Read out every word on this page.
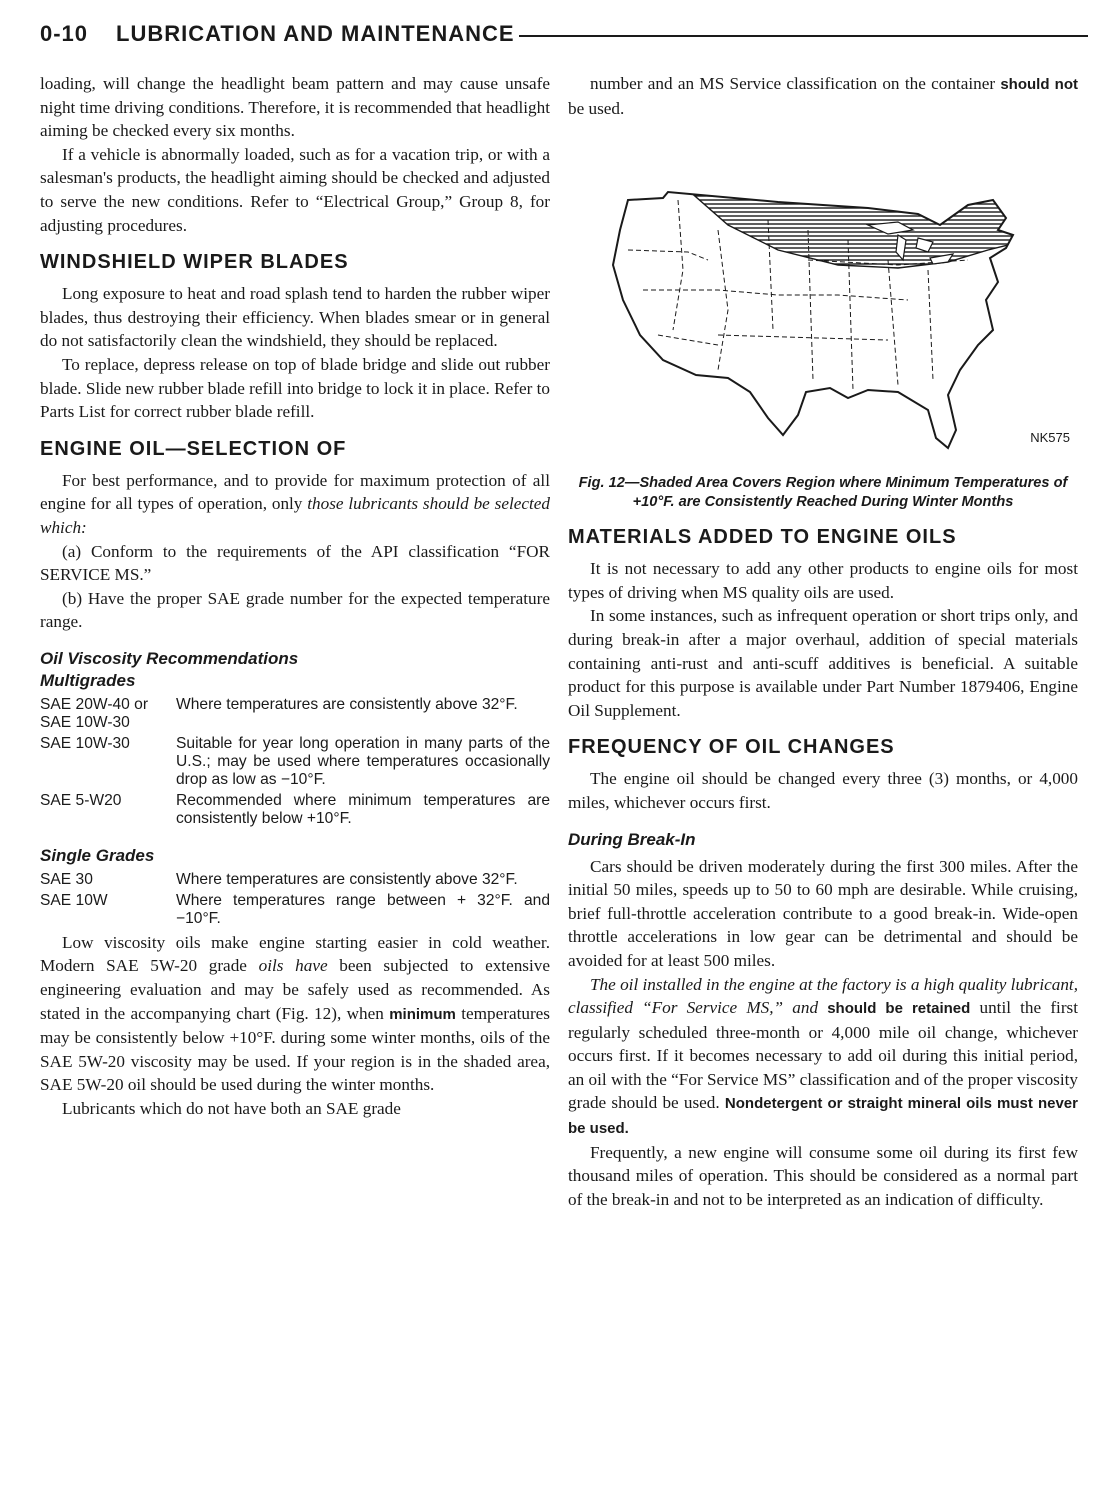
0-10 LUBRICATION AND MAINTENANCE

loading, will change the headlight beam pattern and may cause unsafe night time driving conditions. Therefore, it is recommended that headlight aiming be checked every six months.

If a vehicle is abnormally loaded, such as for a vacation trip, or with a salesman's products, the headlight aiming should be checked and adjusted to serve the new conditions. Refer to “Electrical Group,” Group 8, for adjusting procedures.

WINDSHIELD WIPER BLADES

Long exposure to heat and road splash tend to harden the rubber wiper blades, thus destroying their efficiency. When blades smear or in general do not satisfactorily clean the windshield, they should be replaced.

To replace, depress release on top of blade bridge and slide out rubber blade. Slide new rubber blade refill into bridge to lock it in place. Refer to Parts List for correct rubber blade refill.

ENGINE OIL—SELECTION OF

For best performance, and to provide for maximum protection of all engine for all types of operation, only those lubricants should be selected which:

(a) Conform to the requirements of the API classification “FOR SERVICE MS.”

(b) Have the proper SAE grade number for the expected temperature range.

Oil Viscosity Recommendations
Multigrades
SAE 20W-40 or SAE 10W-30	Where temperatures are consistently above 32°F.
SAE 10W-30	Suitable for year long operation in many parts of the U.S.; may be used where temperatures occasionally drop as low as −10°F.
SAE 5-W20	Recommended where minimum temperatures are consistently below +10°F.
Single Grades
SAE 30	Where temperatures are consistently above 32°F.
SAE 10W	Where temperatures range between + 32°F. and −10°F.

Low viscosity oils make engine starting easier in cold weather. Modern SAE 5W-20 grade oils have been subjected to extensive engineering evaluation and may be safely used as recommended. As stated in the accompanying chart (Fig. 12), when minimum temperatures may be consistently below +10°F. during some winter months, oils of the SAE 5W-20 viscosity may be used. If your region is in the shaded area, SAE 5W-20 oil should be used during the winter months.

Lubricants which do not have both an SAE grade

number and an MS Service classification on the container should not be used.

NK575
Fig. 12—Shaded Area Covers Region where Minimum Temperatures of +10°F. are Consistently Reached During Winter Months
MATERIALS ADDED TO ENGINE OILS

It is not necessary to add any other products to engine oils for most types of driving when MS quality oils are used.

In some instances, such as infrequent operation or short trips only, and during break-in after a major overhaul, addition of special materials containing anti-rust and anti-scuff additives is beneficial. A suitable product for this purpose is available under Part Number 1879406, Engine Oil Supplement.

FREQUENCY OF OIL CHANGES

The engine oil should be changed every three (3) months, or 4,000 miles, whichever occurs first.

During Break-In

Cars should be driven moderately during the first 300 miles. After the initial 50 miles, speeds up to 50 to 60 mph are desirable. While cruising, brief full-throttle acceleration contribute to a good break-in. Wide-open throttle accelerations in low gear can be detrimental and should be avoided for at least 500 miles.

The oil installed in the engine at the factory is a high quality lubricant, classified “For Service MS,” and should be retained until the first regularly scheduled three-month or 4,000 mile oil change, whichever occurs first. If it becomes necessary to add oil during this initial period, an oil with the “For Service MS” classification and of the proper viscosity grade should be used. Nondetergent or straight mineral oils must never be used.

Frequently, a new engine will consume some oil during its first few thousand miles of operation. This should be considered as a normal part of the break-in and not to be interpreted as an indication of difficulty.
